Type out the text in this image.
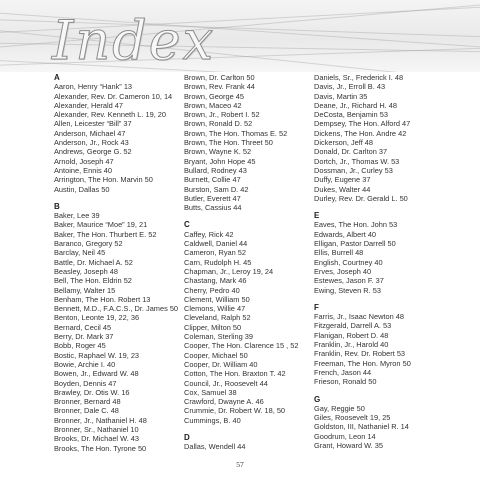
Index
A
Aaron, Henry “Hank” 13
Alexander, Rev. Dr. Cameron 10, 14
Alexander, Herald 47
Alexander, Rev. Kenneth L. 19, 20
Allen, Leicester “Bill” 37
Anderson, Michael 47
Anderson, Jr., Rock 43
Andrews, George G. 52
Arnold, Joseph 47
Antoine, Ennis 40
Arrington, The Hon. Marvin 50
Austin, Dallas 50
B
Baker, Lee 39
Baker, Maurice “Moe” 19, 21
Baker, The Hon. Thurbert E. 52
Baranco, Gregory 52
Barclay, Neil 45
Battle, Dr. Michael A. 52
Beasley, Joseph 48
Bell, The Hon. Eldrin 52
Bellamy, Walter 15
Benham, The Hon. Robert 13
Bennett, M.D., F.A.C.S., Dr. James 50
Benton, Leonte 19, 22, 36
Bernard, Cecil 45
Berry, Dr. Mark 37
Bobb, Roger 45
Bostic, Raphael W. 19, 23
Bowie, Archie I. 40
Bowen, Jr., Edward W. 48
Boyden, Dennis 47
Brawley, Dr. Otis W. 16
Bronner, Bernard 48
Bronner, Dale C. 48
Bronner, Jr., Nathaniel H. 48
Bronner, Sr., Nathaniel 10
Brooks, Dr. Michael W. 43
Brooks, The Hon. Tyrone 50
Brown, Dr. Carlton 50
Brown, Rev. Frank 44
Brown, George 45
Brown, Maceo 42
Brown, Jr., Robert I. 52
Brown, Ronald D. 52
Brown, The Hon. Thomas E. 52
Brown, The Hon. Threet 50
Brown, Wayne K. 52
Bryant, John Hope 45
Bullard, Rodney 43
Burnett, Collie 47
Burston, Sam D. 42
Butler, Everett 47
Butts, Cassius 44
C
Caffey, Rick 42
Caldwell, Daniel 44
Cameron, Ryan 52
Carn, Rudolph H. 45
Chapman, Jr., Leroy 19, 24
Chastang, Mark 46
Cherry, Pedro 40
Clement, William 50
Clemons, Willie 47
Cleveland, Ralph 52
Clipper, Milton 50
Coleman, Sterling 39
Cooper, The Hon. Clarence 15 , 52
Cooper, Michael 50
Cooper, Dr. William 40
Cotton, The Hon. Braxton T. 42
Council, Jr., Roosevelt 44
Cox, Samuel 38
Crawford, Dwayne A. 46
Crummie, Dr. Robert W. 18, 50
Cummings, B. 40
D
Dallas, Wendell 44
Daniels, Sr., Frederick I. 48
Davis, Jr., Erroll B. 43
Davis, Martin 35
Deane, Jr., Richard H. 48
DeCosta, Benjamin 53
Dempsey, The Hon. Alford 47
Dickens, The Hon. Andre 42
Dickerson, Jeff 48
Donald, Dr. Carlton 37
Dortch, Jr., Thomas W. 53
Dossman, Jr., Curley 53
Duffy, Eugene 37
Dukes, Walter 44
Durley, Rev. Dr. Gerald L. 50
E
Eaves, The Hon. John 53
Edwards, Albert 40
Elligan, Pastor Darrell 50
Ellis, Burrell 48
English, Courtney 40
Erves, Joseph 40
Estewes, Jason F. 37
Ewing, Steven R. 53
F
Farris, Jr., Isaac Newton 48
Fitzgerald, Darrell A. 53
Flanigan, Robert D. 48
Franklin, Jr., Harold 40
Franklin, Rev. Dr. Robert 53
Freeman, The Hon. Myron 50
French, Jason 44
Frieson, Ronald 50
G
Gay, Reggie 50
Giles, Roosevelt 19, 25
Goldston, III, Nathaniel R. 14
Goodrum, Leon 14
Grant, Howard W. 35
57
